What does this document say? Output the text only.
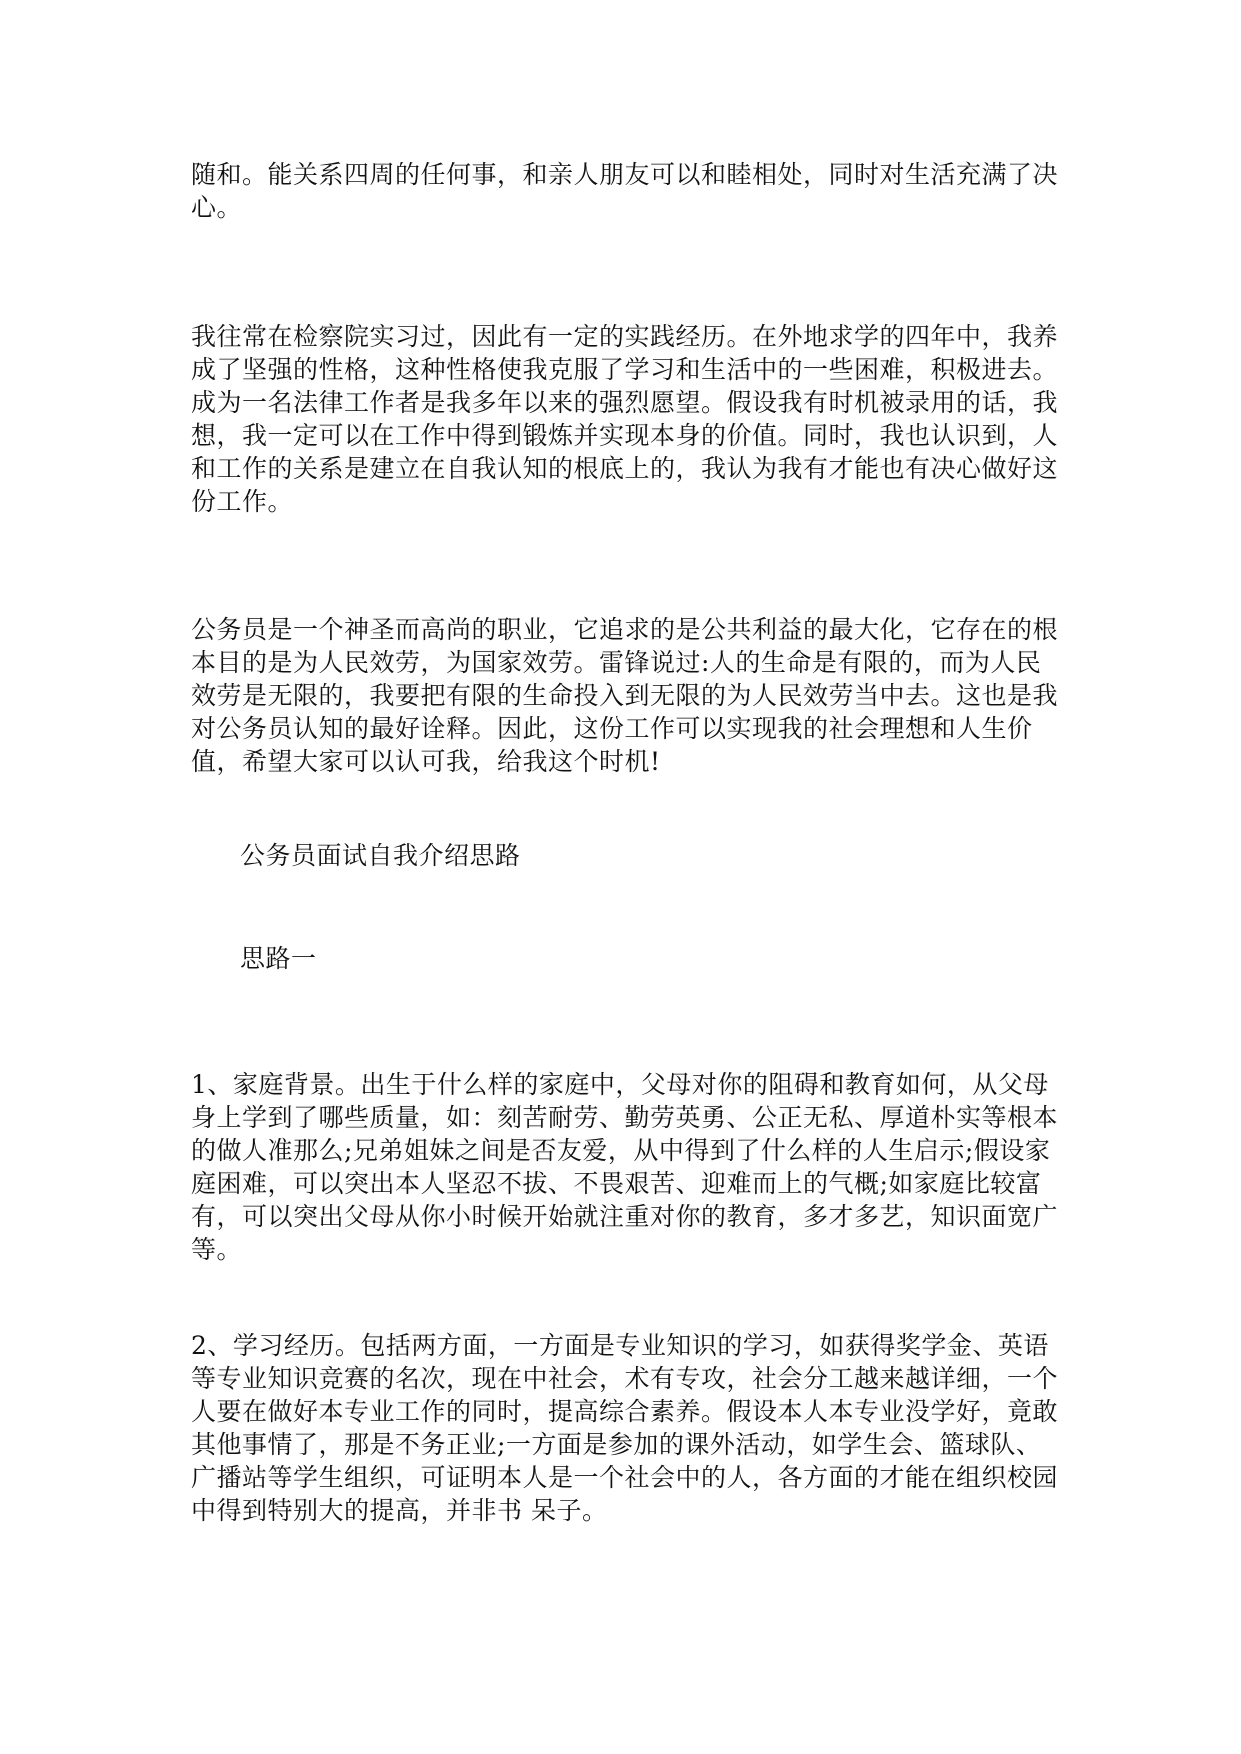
随和。能关系四周的任何事，和亲人朋友可以和睦相处，同时对生活充满了决心。

我往常在检察院实习过，因此有一定的实践经历。在外地求学的四年中，我养成了坚强的性格，这种性格使我克服了学习和生活中的一些困难，积极进去。成为一名法律工作者是我多年以来的强烈愿望。假设我有时机被录用的话，我想，我一定可以在工作中得到锻炼并实现本身的价值。同时，我也认识到，人和工作的关系是建立在自我认知的根底上的，我认为我有才能也有决心做好这份工作。

公务员是一个神圣而高尚的职业，它追求的是公共利益的最大化，它存在的根本目的是为人民效劳，为国家效劳。雷锋说过:人的生命是有限的，而为人民效劳是无限的，我要把有限的生命投入到无限的为人民效劳当中去。这也是我对公务员认知的最好诠释。因此，这份工作可以实现我的社会理想和人生价值，希望大家可以认可我，给我这个时机!

公务员面试自我介绍思路

思路一

1、家庭背景。出生于什么样的家庭中，父母对你的阻碍和教育如何，从父母身上学到了哪些质量，如：刻苦耐劳、勤劳英勇、公正无私、厚道朴实等根本的做人准那么;兄弟姐妹之间是否友爱，从中得到了什么样的人生启示;假设家庭困难，可以突出本人坚忍不拔、不畏艰苦、迎难而上的气概;如家庭比较富有，可以突出父母从你小时候开始就注重对你的教育，多才多艺，知识面宽广等。

2、学习经历。包括两方面，一方面是专业知识的学习，如获得奖学金、英语等专业知识竞赛的名次，现在中社会，术有专攻，社会分工越来越详细，一个人要在做好本专业工作的同时，提高综合素养。假设本人本专业没学好，竟敢其他事情了，那是不务正业;一方面是参加的课外活动，如学生会、篮球队、广播站等学生组织，可证明本人是一个社会中的人，各方面的才能在组织校园中得到特别大的提高，并非书 呆子。
